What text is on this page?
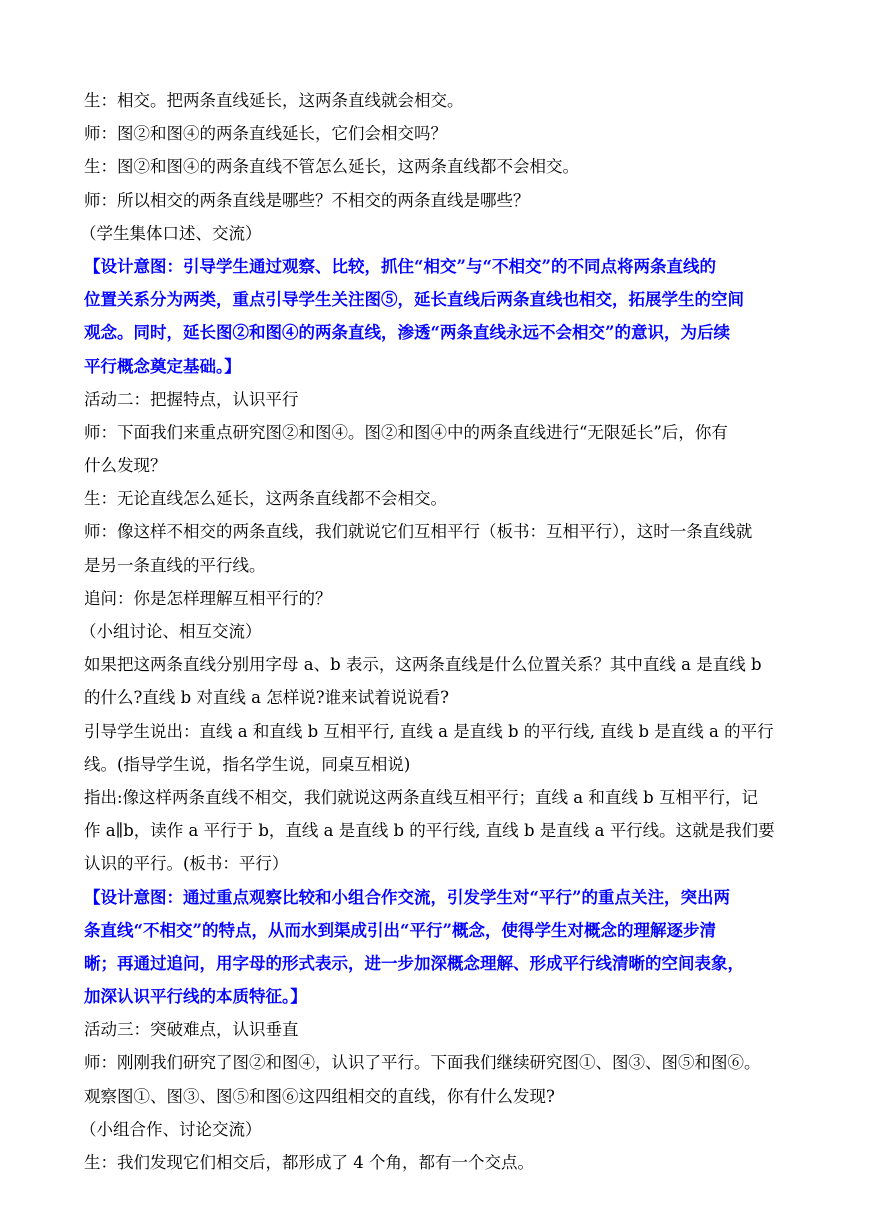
生：相交。把两条直线延长，这两条直线就会相交。
师：图②和图④的两条直线延长，它们会相交吗？
生：图②和图④的两条直线不管怎么延长，这两条直线都不会相交。
师：所以相交的两条直线是哪些？不相交的两条直线是哪些？
（学生集体口述、交流）
【设计意图：引导学生通过观察、比较，抓住“相交”与“不相交”的不同点将两条直线的
位置关系分为两类，重点引导学生关注图⑤，延长直线后两条直线也相交，拓展学生的空间
观念。同时，延长图②和图④的两条直线，渗透“两条直线永远不会相交”的意识，为后续
平行概念奠定基础。】
活动二：把握特点，认识平行
师：下面我们来重点研究图②和图④。图②和图④中的两条直线进行“无限延长”后，你有
什么发现？
生：无论直线怎么延长，这两条直线都不会相交。
师：像这样不相交的两条直线，我们就说它们互相平行（板书：互相平行），这时一条直线就
是另一条直线的平行线。
追问：你是怎样理解互相平行的？
（小组讨论、相互交流）
如果把这两条直线分别用字母 a、b 表示，这两条直线是什么位置关系？其中直线 a 是直线 b
的什么?直线 b 对直线 a 怎样说?谁来试着说说看?
引导学生说出：直线 a 和直线 b 互相平行, 直线 a 是直线 b 的平行线, 直线 b 是直线 a 的平行
线。(指导学生说，指名学生说，同桌互相说)
指出:像这样两条直线不相交，我们就说这两条直线互相平行；直线 a 和直线 b 互相平行，记
作 a∥b，读作 a 平行于 b，直线 a 是直线 b 的平行线, 直线 b 是直线 a 平行线。这就是我们要
认识的平行。(板书：平行）
【设计意图：通过重点观察比较和小组合作交流，引发学生对“平行”的重点关注，突出两
条直线“不相交”的特点，从而水到渠成引出“平行”概念，使得学生对概念的理解逐步清
晰；再通过追问，用字母的形式表示，进一步加深概念理解、形成平行线清晰的空间表象，
加深认识平行线的本质特征。】
活动三：突破难点，认识垂直
师：刚刚我们研究了图②和图④，认识了平行。下面我们继续研究图①、图③、图⑤和图⑥。
观察图①、图③、图⑤和图⑥这四组相交的直线，你有什么发现?
（小组合作、讨论交流）
生：我们发现它们相交后，都形成了 4 个角，都有一个交点。
